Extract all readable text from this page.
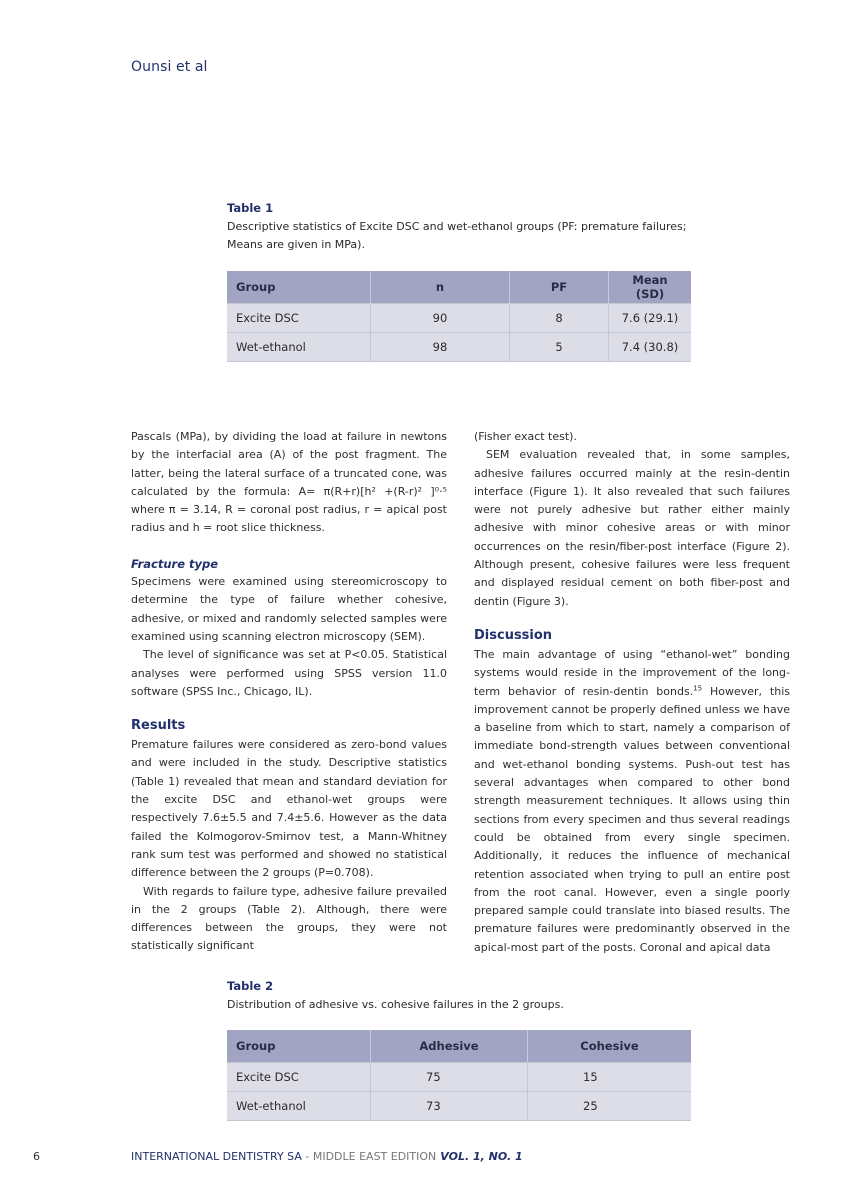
Ounsi et al

Table 1

Descriptive statistics of Excite DSC and wet-ethanol groups (PF: premature failures; Means are given in MPa).

Group	n	PF	Mean (SD)
Excite DSC	90	8	7.6 (29.1)
Wet-ethanol	98	5	7.4 (30.8)

Pascals (MPa), by dividing the load at failure in newtons by the interfacial area (A) of the post fragment. The latter, being the lateral surface of a truncated cone, was calculated by the formula: A= π(R+r)[h² +(R-r)² ]⁰·⁵ where π = 3.14, R = coronal post radius, r = apical post radius and h = root slice thickness.

Fracture type

Specimens were examined using stereomicroscopy to determine the type of failure whether cohesive, adhesive, or mixed and randomly selected samples were examined using scanning electron microscopy (SEM).

The level of significance was set at P<0.05. Statistical analyses were performed using SPSS version 11.0 software (SPSS Inc., Chicago, IL).

Results

Premature failures were considered as zero-bond values and were included in the study. Descriptive statistics (Table 1) revealed that mean and standard deviation for the excite DSC and ethanol-wet groups were respectively 7.6±5.5 and 7.4±5.6. However as the data failed the Kolmogorov-Smirnov test, a Mann-Whitney rank sum test was performed and showed no statistical difference between the 2 groups (P=0.708).

With regards to failure type, adhesive failure prevailed in the 2 groups (Table 2). Although, there were differences between the groups, they were not statistically significant

(Fisher exact test).

SEM evaluation revealed that, in some samples, adhesive failures occurred mainly at the resin-dentin interface (Figure 1). It also revealed that such failures were not purely adhesive but rather either mainly adhesive with minor cohesive areas or with minor occurrences on the resin/fiber-post interface (Figure 2). Although present, cohesive failures were less frequent and displayed residual cement on both fiber-post and dentin (Figure 3).

Discussion

The main advantage of using “ethanol-wet” bonding systems would reside in the improvement of the long-term behavior of resin-dentin bonds.$^{15}$ However, this improvement cannot be properly defined unless we have a baseline from which to start, namely a comparison of immediate bond-strength values between conventional and wet-ethanol bonding systems. Push-out test has several advantages when compared to other bond strength measurement techniques. It allows using thin sections from every specimen and thus several readings could be obtained from every single specimen. Additionally, it reduces the influence of mechanical retention associated when trying to pull an entire post from the root canal. However, even a single poorly prepared sample could translate into biased results. The premature failures were predominantly observed in the apical-most part of the posts. Coronal and apical data

Table 2

Distribution of adhesive vs. cohesive failures in the 2 groups.

Group	Adhesive	Cohesive
Excite DSC	75	15
Wet-ethanol	73	25
6	INTERNATIONAL DENTISTRY SA - MIDDLE EAST EDITION VOL. 1, NO. 1
